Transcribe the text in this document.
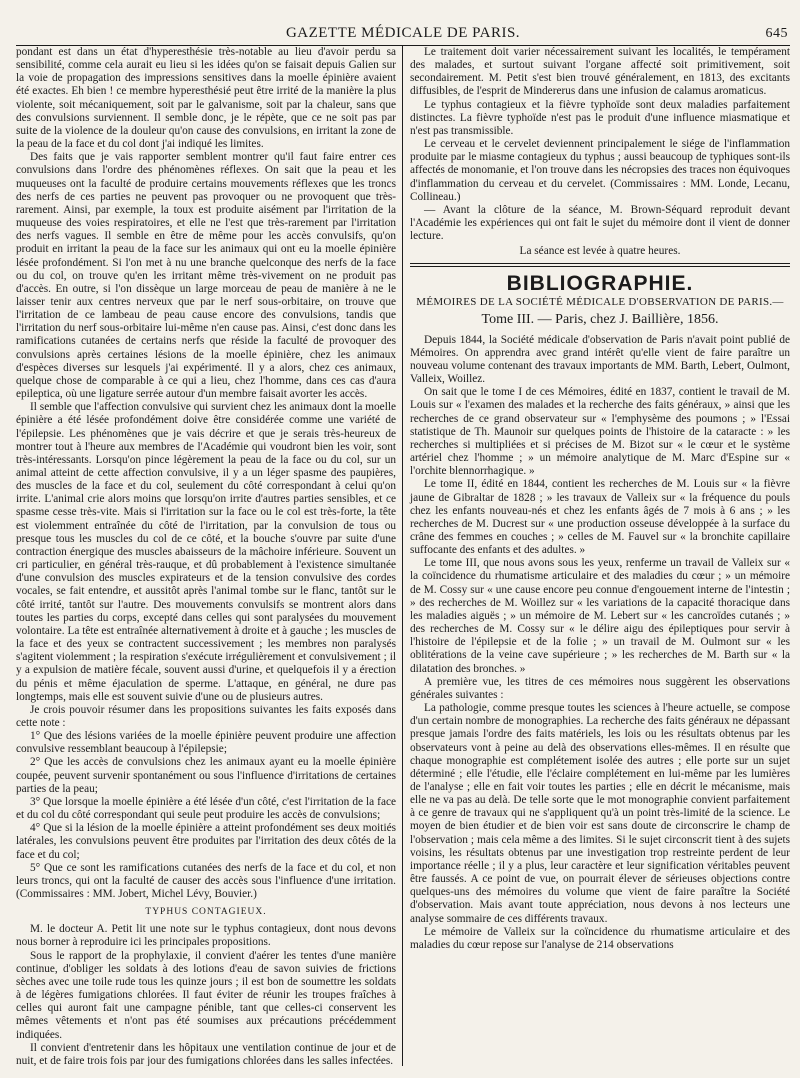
GAZETTE MÉDICALE DE PARIS.	645

pondant est dans un état d'hyperesthésie très-notable au lieu d'avoir perdu sa sensibilité, comme cela aurait eu lieu si les idées qu'on se faisait depuis Galien sur la voie de propagation des impressions sensitives dans la moelle épinière avaient été exactes. Eh bien ! ce membre hyperesthésié peut être irrité de la manière la plus violente, soit mécaniquement, soit par le galvanisme, soit par la chaleur, sans que des convulsions surviennent. Il semble donc, je le répète, que ce ne soit pas par suite de la violence de la douleur qu'on cause des convulsions, en irritant la zone de la peau de la face et du col dont j'ai indiqué les limites.

Des faits que je vais rapporter semblent montrer qu'il faut faire entrer ces convulsions dans l'ordre des phénomènes réflexes. On sait que la peau et les muqueuses ont la faculté de produire certains mouvements réflexes que les troncs des nerfs de ces parties ne peuvent pas provoquer ou ne provoquent que très-rarement. Ainsi, par exemple, la toux est produite aisément par l'irritation de la muqueuse des voies respiratoires, et elle ne l'est que très-rarement par l'irritation des nerfs vagues. Il semble en être de même pour les accès convulsifs, qu'on produit en irritant la peau de la face sur les animaux qui ont eu la moelle épinière lésée profondément. Si l'on met à nu une branche quelconque des nerfs de la face ou du col, on trouve qu'en les irritant même très-vivement on ne produit pas d'accès. En outre, si l'on dissèque un large morceau de peau de manière à ne le laisser tenir aux centres nerveux que par le nerf sous-orbitaire, on trouve que l'irritation de ce lambeau de peau cause encore des convulsions, tandis que l'irritation du nerf sous-orbitaire lui-même n'en cause pas. Ainsi, c'est donc dans les ramifications cutanées de certains nerfs que réside la faculté de provoquer des convulsions après certaines lésions de la moelle épinière, chez les animaux d'espèces diverses sur lesquels j'ai expérimenté. Il y a alors, chez ces animaux, quelque chose de comparable à ce qui a lieu, chez l'homme, dans ces cas d'aura epileptica, où une ligature serrée autour d'un membre faisait avorter les accès.

Il semble que l'affection convulsive qui survient chez les animaux dont la moelle épinière a été lésée profondément doive être considérée comme une variété de l'épilepsie. Les phénomènes que je vais décrire et que je serais très-heureux de montrer tout à l'heure aux membres de l'Académie qui voudront bien les voir, sont très-intéressants. Lorsqu'on pince légèrement la peau de la face ou du col, sur un animal atteint de cette affection convulsive, il y a un léger spasme des paupières, des muscles de la face et du col, seulement du côté correspondant à celui qu'on irrite. L'animal crie alors moins que lorsqu'on irrite d'autres parties sensibles, et ce spasme cesse très-vite. Mais si l'irritation sur la face ou le col est très-forte, la tête est violemment entraînée du côté de l'irritation, par la convulsion de tous ou presque tous les muscles du col de ce côté, et la bouche s'ouvre par suite d'une contraction énergique des muscles abaisseurs de la mâchoire inférieure. Souvent un cri particulier, en général très-rauque, et dû probablement à l'existence simultanée d'une convulsion des muscles expirateurs et de la tension convulsive des cordes vocales, se fait entendre, et aussitôt après l'animal tombe sur le flanc, tantôt sur le côté irrité, tantôt sur l'autre. Des mouvements convulsifs se montrent alors dans toutes les parties du corps, excepté dans celles qui sont paralysées du mouvement volontaire. La tête est entraînée alternativement à droite et à gauche ; les muscles de la face et des yeux se contractent successivement ; les membres non paralysés s'agitent violemment ; la respiration s'exécute irrégulièrement et convulsivement ; il y a expulsion de matière fécale, souvent aussi d'urine, et quelquefois il y a érection du pénis et même éjaculation de sperme. L'attaque, en général, ne dure pas longtemps, mais elle est souvent suivie d'une ou de plusieurs autres.

Je crois pouvoir résumer dans les propositions suivantes les faits exposés dans cette note :

1° Que des lésions variées de la moelle épinière peuvent produire une affection convulsive ressemblant beaucoup à l'épilepsie;

2° Que les accès de convulsions chez les animaux ayant eu la moelle épinière coupée, peuvent survenir spontanément ou sous l'influence d'irritations de certaines parties de la peau;

3° Que lorsque la moelle épinière a été lésée d'un côté, c'est l'irritation de la face et du col du côté correspondant qui seule peut produire les accès de convulsions;

4° Que si la lésion de la moelle épinière a atteint profondément ses deux moitiés latérales, les convulsions peuvent être produites par l'irritation des deux côtés de la face et du col;

5° Que ce sont les ramifications cutanées des nerfs de la face et du col, et non leurs troncs, qui ont la faculté de causer des accès sous l'influence d'une irritation. (Commissaires : MM. Jobert, Michel Lévy, Bouvier.)

TYPHUS CONTAGIEUX.

M. le docteur A. Petit lit une note sur le typhus contagieux, dont nous devons nous borner à reproduire ici les principales propositions.

Sous le rapport de la prophylaxie, il convient d'aérer les tentes d'une manière continue, d'obliger les soldats à des lotions d'eau de savon suivies de frictions sèches avec une toile rude tous les quinze jours ; il est bon de soumettre les soldats à de légères fumigations chlorées. Il faut éviter de réunir les troupes fraîches à celles qui auront fait une campagne pénible, tant que celles-ci conservent les mêmes vêtements et n'ont pas été soumises aux précautions précédemment indiquées.

Il convient d'entretenir dans les hôpitaux une ventilation continue de jour et de nuit, et de faire trois fois par jour des fumigations chlorées dans les salles infectées.

Le traitement doit varier nécessairement suivant les localités, le tempérament des malades, et surtout suivant l'organe affecté soit primitivement, soit secondairement. M. Petit s'est bien trouvé généralement, en 1813, des excitants diffusibles, de l'esprit de Mindererus dans une infusion de calamus aromaticus.

Le typhus contagieux et la fièvre typhoïde sont deux maladies parfaitement distinctes. La fièvre typhoïde n'est pas le produit d'une influence miasmatique et n'est pas transmissible.

Le cerveau et le cervelet deviennent principalement le siége de l'inflammation produite par le miasme contagieux du typhus ; aussi beaucoup de typhiques sont-ils affectés de monomanie, et l'on trouve dans les nécropsies des traces non équivoques d'inflammation du cerveau et du cervelet. (Commissaires : MM. Londe, Lecanu, Collineau.)

— Avant la clôture de la séance, M. Brown-Séquard reproduit devant l'Académie les expériences qui ont fait le sujet du mémoire dont il vient de donner lecture.

La séance est levée à quatre heures.

BIBLIOGRAPHIE.

MÉMOIRES DE LA SOCIÉTÉ MÉDICALE D'OBSERVATION DE PARIS.—

Tome III. — Paris, chez J. Baillière, 1856.

Depuis 1844, la Société médicale d'observation de Paris n'avait point publié de Mémoires. On apprendra avec grand intérêt qu'elle vient de faire paraître un nouveau volume contenant des travaux importants de MM. Barth, Lebert, Oulmont, Valleix, Woillez.

On sait que le tome I de ces Mémoires, édité en 1837, contient le travail de M. Louis sur « l'examen des malades et la recherche des faits généraux, » ainsi que les recherches de ce grand observateur sur « l'emphysème des poumons ; » l'Essai statistique de Th. Maunoir sur quelques points de l'histoire de la cataracte : » les recherches si multipliées et si précises de M. Bizot sur « le cœur et le système artériel chez l'homme ; » un mémoire analytique de M. Marc d'Espine sur « l'orchite blennorrhagique. »

Le tome II, édité en 1844, contient les recherches de M. Louis sur « la fièvre jaune de Gibraltar de 1828 ; » les travaux de Valleix sur « la fréquence du pouls chez les enfants nouveau-nés et chez les enfants âgés de 7 mois à 6 ans ; » les recherches de M. Ducrest sur « une production osseuse développée à la surface du crâne des femmes en couches ; » celles de M. Fauvel sur « la bronchite capillaire suffocante des enfants et des adultes. »

Le tome III, que nous avons sous les yeux, renferme un travail de Valleix sur « la coïncidence du rhumatisme articulaire et des maladies du cœur ; » un mémoire de M. Cossy sur « une cause encore peu connue d'engouement interne de l'intestin ; » des recherches de M. Woillez sur « les variations de la capacité thoracique dans les maladies aiguës ; » un mémoire de M. Lebert sur « les cancroïdes cutanés ; » des recherches de M. Cossy sur « le délire aigu des épileptiques pour servir à l'histoire de l'épilepsie et de la folie ; » un travail de M. Oulmont sur « les oblitérations de la veine cave supérieure ; » les recherches de M. Barth sur « la dilatation des bronches. »

A première vue, les titres de ces mémoires nous suggèrent les observations générales suivantes :

La pathologie, comme presque toutes les sciences à l'heure actuelle, se compose d'un certain nombre de monographies. La recherche des faits généraux ne dépassant presque jamais l'ordre des faits matériels, les lois ou les résultats obtenus par les observateurs vont à peine au delà des observations elles-mêmes. Il en résulte que chaque monographie est complétement isolée des autres ; elle porte sur un sujet déterminé ; elle l'étudie, elle l'éclaire complétement en lui-même par les lumières de l'analyse ; elle en fait voir toutes les parties ; elle en décrit le mécanisme, mais elle ne va pas au delà. De telle sorte que le mot monographie convient parfaitement à ce genre de travaux qui ne s'appliquent qu'à un point très-limité de la science. Le moyen de bien étudier et de bien voir est sans doute de circonscrire le champ de l'observation ; mais cela même a des limites. Si le sujet circonscrit tient à des sujets voisins, les résultats obtenus par une investigation trop restreinte perdent de leur importance réelle ; il y a plus, leur caractère et leur signification véritables peuvent être faussés. A ce point de vue, on pourrait élever de sérieuses objections contre quelques-uns des mémoires du volume que vient de faire paraître la Société d'observation. Mais avant toute appréciation, nous devons à nos lecteurs une analyse sommaire de ces différents travaux.

Le mémoire de Valleix sur la coïncidence du rhumatisme articulaire et des maladies du cœur repose sur l'analyse de 214 observations
